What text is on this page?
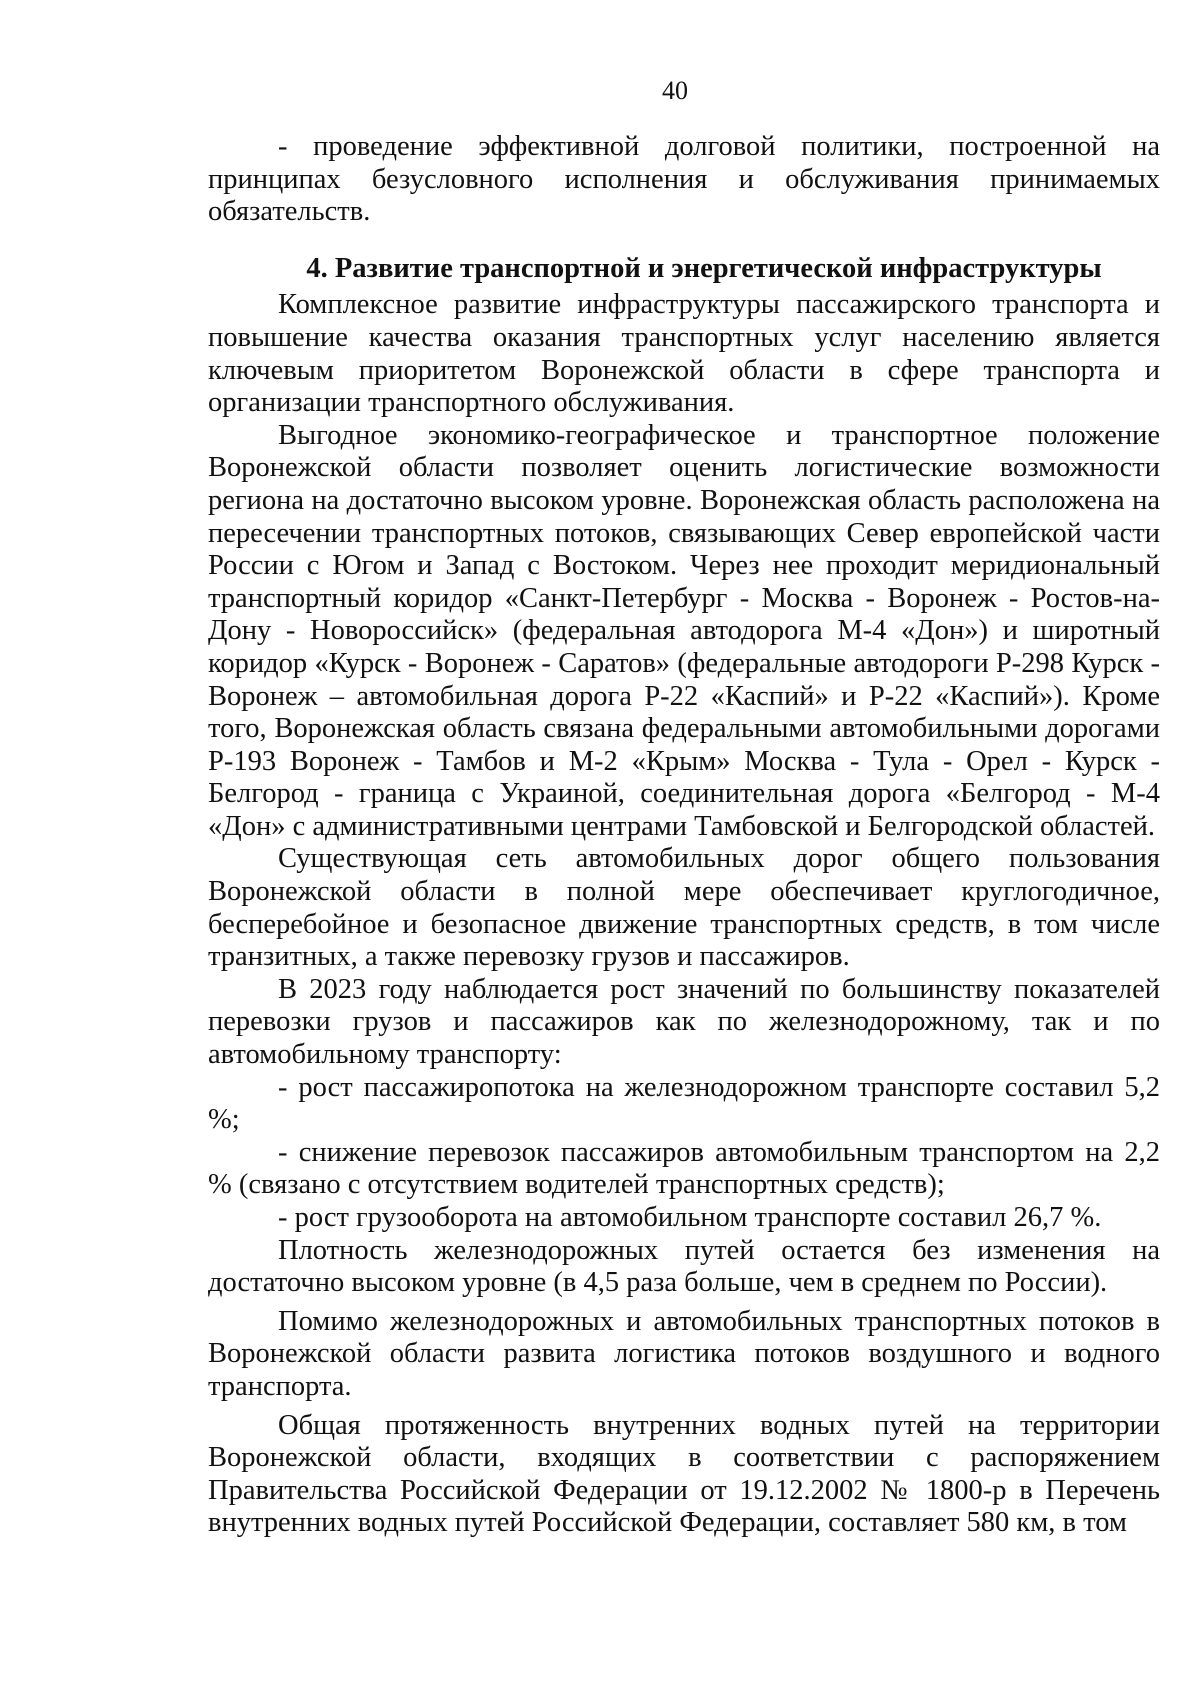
40

- проведение эффективной долговой политики, построенной на принципах безусловного исполнения и обслуживания принимаемых обязательств.

4. Развитие транспортной и энергетической инфраструктуры

Комплексное развитие инфраструктуры пассажирского транспорта и повышение качества оказания транспортных услуг населению является ключевым приоритетом Воронежской области в сфере транспорта и организации транспортного обслуживания.

Выгодное экономико-географическое и транспортное положение Воронежской области позволяет оценить логистические возможности региона на достаточно высоком уровне. Воронежская область расположена на пересечении транспортных потоков, связывающих Север европейской части России с Югом и Запад с Востоком. Через нее проходит меридиональный транспортный коридор «Санкт-Петербург - Москва - Воронеж - Ростов-на-Дону - Новороссийск» (федеральная автодорога М-4 «Дон») и широтный коридор «Курск - Воронеж - Саратов» (федеральные автодороги Р-298 Курск - Воронеж – автомобильная дорога Р-22 «Каспий» и Р-22 «Каспий»). Кроме того, Воронежская область связана федеральными автомобильными дорогами Р-193 Воронеж - Тамбов и М-2 «Крым» Москва - Тула - Орел - Курск - Белгород - граница с Украиной, соединительная дорога «Белгород - М-4 «Дон» с административными центрами Тамбовской и Белгородской областей.

Существующая сеть автомобильных дорог общего пользования Воронежской области в полной мере обеспечивает круглогодичное, бесперебойное и безопасное движение транспортных средств, в том числе транзитных, а также перевозку грузов и пассажиров.

В 2023 году наблюдается рост значений по большинству показателей перевозки грузов и пассажиров как по железнодорожному, так и по автомобильному транспорту:

- рост пассажиропотока на железнодорожном транспорте составил 5,2 %;

- снижение перевозок пассажиров автомобильным транспортом на 2,2 % (связано с отсутствием водителей транспортных средств);

- рост грузооборота на автомобильном транспорте составил 26,7 %.

Плотность железнодорожных путей остается без изменения на достаточно высоком уровне (в 4,5 раза больше, чем в среднем по России).

Помимо железнодорожных и автомобильных транспортных потоков в Воронежской области развита логистика потоков воздушного и водного транспорта.

Общая протяженность внутренних водных путей на территории Воронежской области, входящих в соответствии с распоряжением Правительства Российской Федерации от 19.12.2002 № 1800-р в Перечень внутренних водных путей Российской Федерации, составляет 580 км, в том
